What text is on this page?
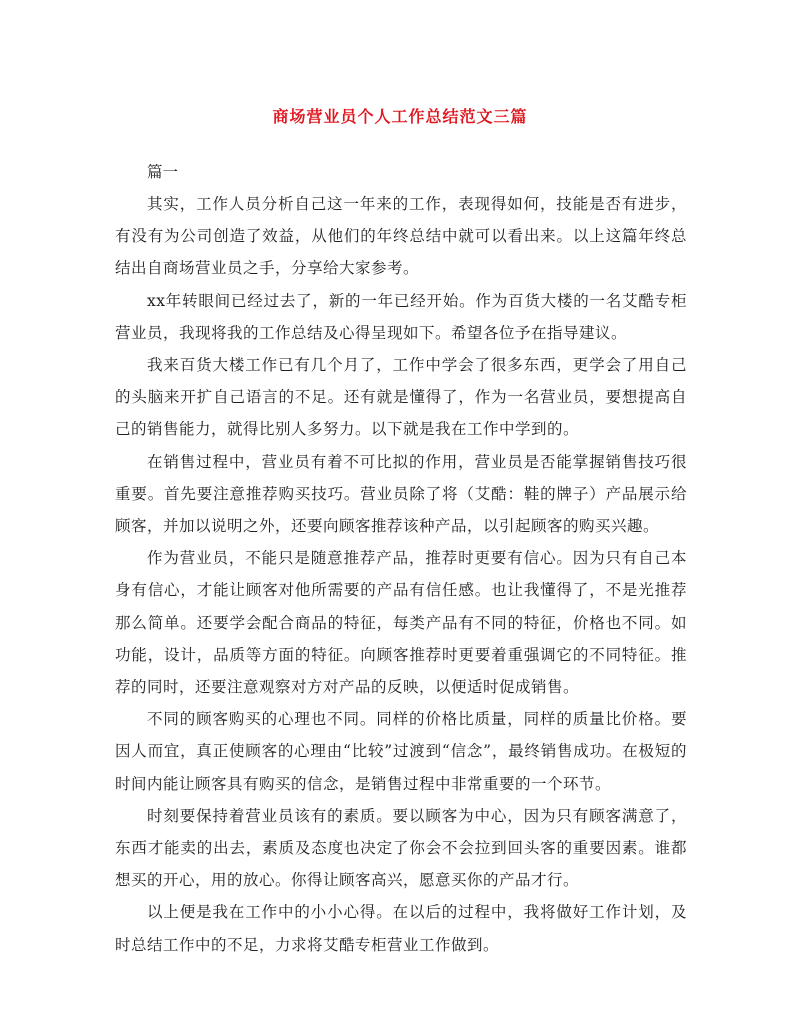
商场营业员个人工作总结范文三篇

篇一

其实，工作人员分析自己这一年来的工作，表现得如何，技能是否有进步，有没有为公司创造了效益，从他们的年终总结中就可以看出来。以上这篇年终总结出自商场营业员之手，分享给大家参考。

xx年转眼间已经过去了，新的一年已经开始。作为百货大楼的一名艾酷专柜营业员，我现将我的工作总结及心得呈现如下。希望各位予在指导建议。

我来百货大楼工作已有几个月了，工作中学会了很多东西，更学会了用自己的头脑来开扩自己语言的不足。还有就是懂得了，作为一名营业员，要想提高自己的销售能力，就得比别人多努力。以下就是我在工作中学到的。

在销售过程中，营业员有着不可比拟的作用，营业员是否能掌握销售技巧很重要。首先要注意推荐购买技巧。营业员除了将（艾酷：鞋的牌子）产品展示给顾客，并加以说明之外，还要向顾客推荐该种产品，以引起顾客的购买兴趣。

作为营业员，不能只是随意推荐产品，推荐时更要有信心。因为只有自己本身有信心，才能让顾客对他所需要的产品有信任感。也让我懂得了，不是光推荐那么简单。还要学会配合商品的特征，每类产品有不同的特征，价格也不同。如功能，设计，品质等方面的特征。向顾客推荐时更要着重强调它的不同特征。推荐的同时，还要注意观察对方对产品的反映，以便适时促成销售。

不同的顾客购买的心理也不同。同样的价格比质量，同样的质量比价格。要因人而宜，真正使顾客的心理由“比较”过渡到“信念”，最终销售成功。在极短的时间内能让顾客具有购买的信念，是销售过程中非常重要的一个环节。

时刻要保持着营业员该有的素质。要以顾客为中心，因为只有顾客满意了，东西才能卖的出去，素质及态度也决定了你会不会拉到回头客的重要因素。谁都想买的开心，用的放心。你得让顾客高兴，愿意买你的产品才行。

以上便是我在工作中的小小心得。在以后的过程中，我将做好工作计划，及时总结工作中的不足，力求将艾酷专柜营业工作做到。
